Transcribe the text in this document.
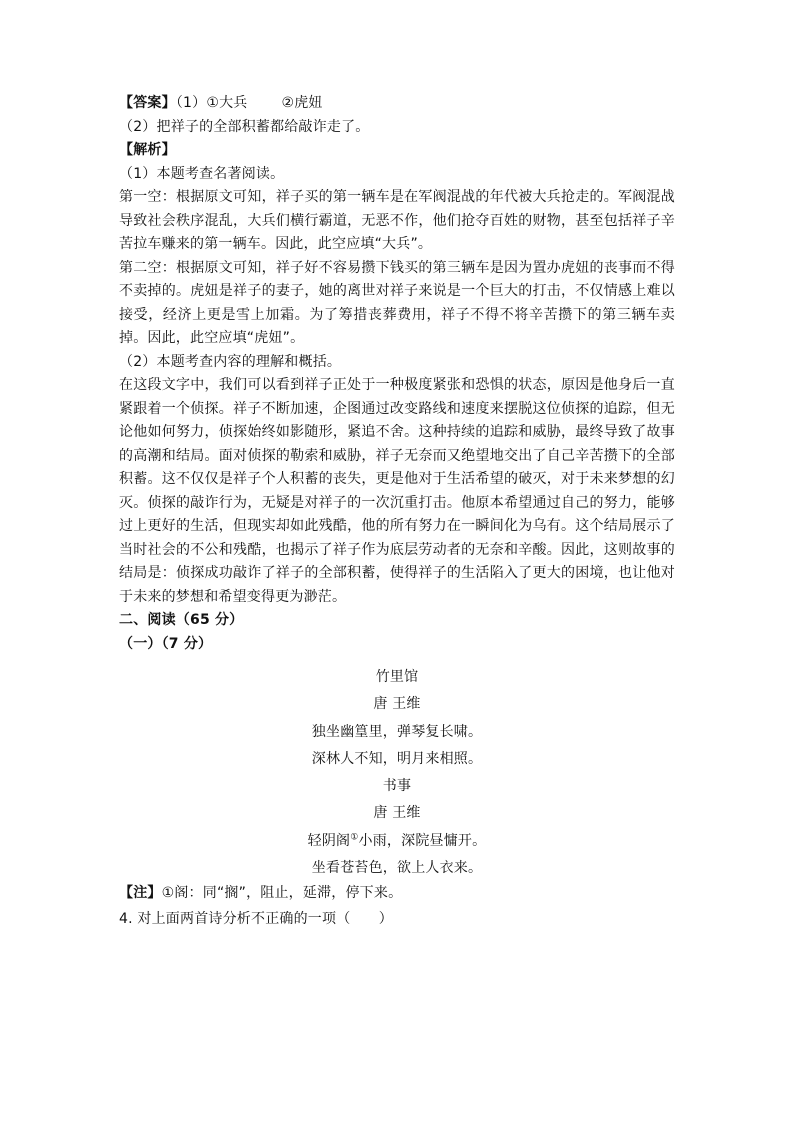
【答案】（1）①大兵 ②虎妞

（2）把祥子的全部积蓄都给敲诈走了。

【解析】

（1）本题考查名著阅读。

第一空：根据原文可知，祥子买的第一辆车是在军阀混战的年代被大兵抢走的。军阀混战导致社会秩序混乱，大兵们横行霸道，无恶不作，他们抢夺百姓的财物，甚至包括祥子辛苦拉车赚来的第一辆车。因此，此空应填“大兵”。

第二空：根据原文可知，祥子好不容易攒下钱买的第三辆车是因为置办虎妞的丧事而不得不卖掉的。虎妞是祥子的妻子，她的离世对祥子来说是一个巨大的打击，不仅情感上难以接受，经济上更是雪上加霜。为了筹措丧葬费用，祥子不得不将辛苦攒下的第三辆车卖掉。因此，此空应填“虎妞”。

（2）本题考查内容的理解和概括。

在这段文字中，我们可以看到祥子正处于一种极度紧张和恐惧的状态，原因是他身后一直紧跟着一个侦探。祥子不断加速，企图通过改变路线和速度来摆脱这位侦探的追踪，但无论他如何努力，侦探始终如影随形，紧追不舍。这种持续的追踪和威胁，最终导致了故事的高潮和结局。面对侦探的勒索和威胁，祥子无奈而又绝望地交出了自己辛苦攒下的全部积蓄。这不仅仅是祥子个人积蓄的丧失，更是他对于生活希望的破灭，对于未来梦想的幻灭。侦探的敲诈行为，无疑是对祥子的一次沉重打击。他原本希望通过自己的努力，能够过上更好的生活，但现实却如此残酷，他的所有努力在一瞬间化为乌有。这个结局展示了当时社会的不公和残酷，也揭示了祥子作为底层劳动者的无奈和辛酸。因此，这则故事的结局是：侦探成功敲诈了祥子的全部积蓄，使得祥子的生活陷入了更大的困境，也让他对于未来的梦想和希望变得更为渺茫。

二、阅读（65 分）

（一）（7 分）

竹里馆

唐 王维

独坐幽篁里，弹琴复长啸。

深林人不知，明月来相照。

书事

唐 王维

轻阴阁①小雨，深院昼慵开。

坐看苍苔色，欲上人衣来。

【注】①阁：同“搁”，阻止，延滞，停下来。

4. 对上面两首诗分析不正确的一项（　　）
